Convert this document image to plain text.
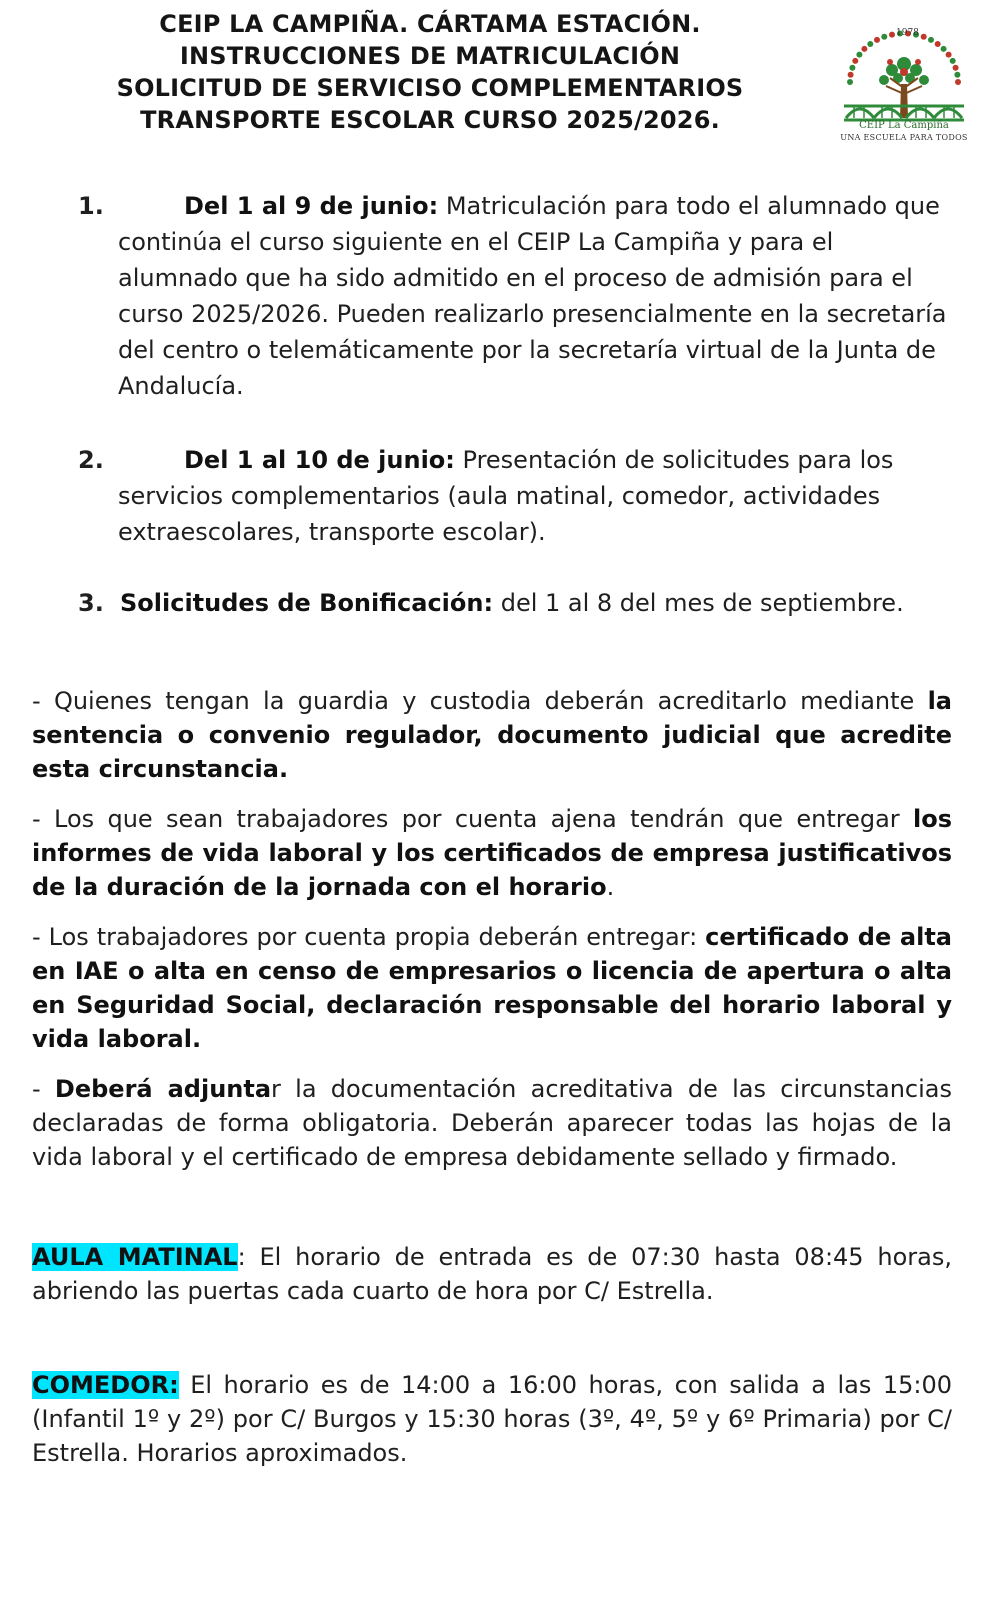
CEIP LA CAMPIÑA. CÁRTAMA ESTACIÓN.
INSTRUCCIONES DE MATRICULACIÓN
SOLICITUD DE SERVICISO COMPLEMENTARIOS
TRANSPORTE ESCOLAR CURSO 2025/2026.
1978
CEIP La Campiña
UNA ESCUELA PARA TODOS
1.	Del 1 al 9 de junio: Matriculación para todo el alumnado que continúa el curso siguiente en el CEIP La Campiña y para el alumnado que ha sido admitido en el proceso de admisión para el curso 2025/2026. Pueden realizarlo presencialmente en la secretaría del centro o telemáticamente por la secretaría virtual de la Junta de Andalucía.
2.	Del 1 al 10 de junio: Presentación de solicitudes para los servicios complementarios (aula matinal, comedor, actividades extraescolares, transporte escolar).
3. Solicitudes de Bonificación: del 1 al 8 del mes de septiembre.
- Quienes tengan la guardia y custodia deberán acreditarlo mediante la sentencia o convenio regulador, documento judicial que acredite esta circunstancia.
- Los que sean trabajadores por cuenta ajena tendrán que entregar los informes de vida laboral y los certificados de empresa justificativos de la duración de la jornada con el horario.
- Los trabajadores por cuenta propia deberán entregar: certificado de alta en IAE o alta en censo de empresarios o licencia de apertura o alta en Seguridad Social, declaración responsable del horario laboral y vida laboral.
- Deberá adjuntar la documentación acreditativa de las circunstancias declaradas de forma obligatoria. Deberán aparecer todas las hojas de la vida laboral y el certificado de empresa debidamente sellado y firmado.
AULA MATINAL: El horario de entrada es de 07:30 hasta 08:45 horas, abriendo las puertas cada cuarto de hora por C/ Estrella.
COMEDOR: El horario es de 14:00 a 16:00 horas, con salida a las 15:00 (Infantil 1º y 2º) por C/ Burgos y 15:30 horas (3º, 4º, 5º y 6º Primaria) por C/ Estrella. Horarios aproximados.
